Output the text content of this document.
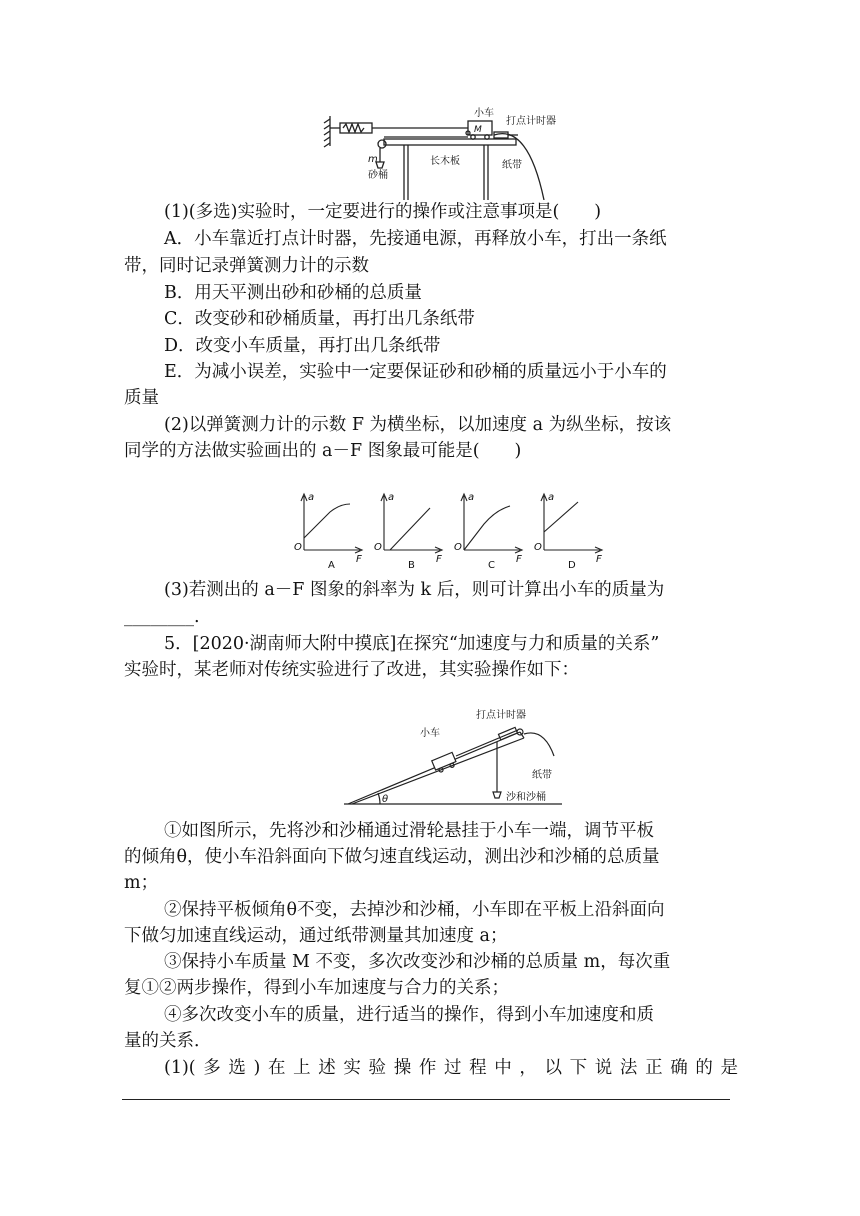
小车
M
打点计时器
m
砂桶
长木板	纸带
(1)(多选)实验时，一定要进行的操作或注意事项是(　　)
A．小车靠近打点计时器，先接通电源，再释放小车，打出一条纸
带，同时记录弹簧测力计的示数
B．用天平测出砂和砂桶的总质量
C．改变砂和砂桶质量，再打出几条纸带
D．改变小车质量，再打出几条纸带
E．为减小误差，实验中一定要保证砂和砂桶的质量远小于小车的
质量
(2)以弹簧测力计的示数 F 为横坐标，以加速度 a 为纵坐标，按该
同学的方法做实验画出的 a－F 图象最可能是(　　)
a
O
F
A
a
O
F
B
a
O
F
C
a
O
F
D
(3)若测出的 a－F 图象的斜率为 k 后，则可计算出小车的质量为
________.
5．[2020·湖南师大附中摸底]在探究“加速度与力和质量的关系”
实验时，某老师对传统实验进行了改进，其实验操作如下：
打点计时器
小车
纸带
θ	沙和沙桶
①如图所示，先将沙和沙桶通过滑轮悬挂于小车一端，调节平板
的倾角θ，使小车沿斜面向下做匀速直线运动，测出沙和沙桶的总质量
m；
②保持平板倾角θ不变，去掉沙和沙桶，小车即在平板上沿斜面向
下做匀加速直线运动，通过纸带测量其加速度 a；
③保持小车质量 M 不变，多次改变沙和沙桶的总质量 m，每次重
复①②两步操作，得到小车加速度与合力的关系；
④多次改变小车的质量，进行适当的操作，得到小车加速度和质
量的关系．
(1)(多选)在上述实验操作过程中，以下说法正确的是
